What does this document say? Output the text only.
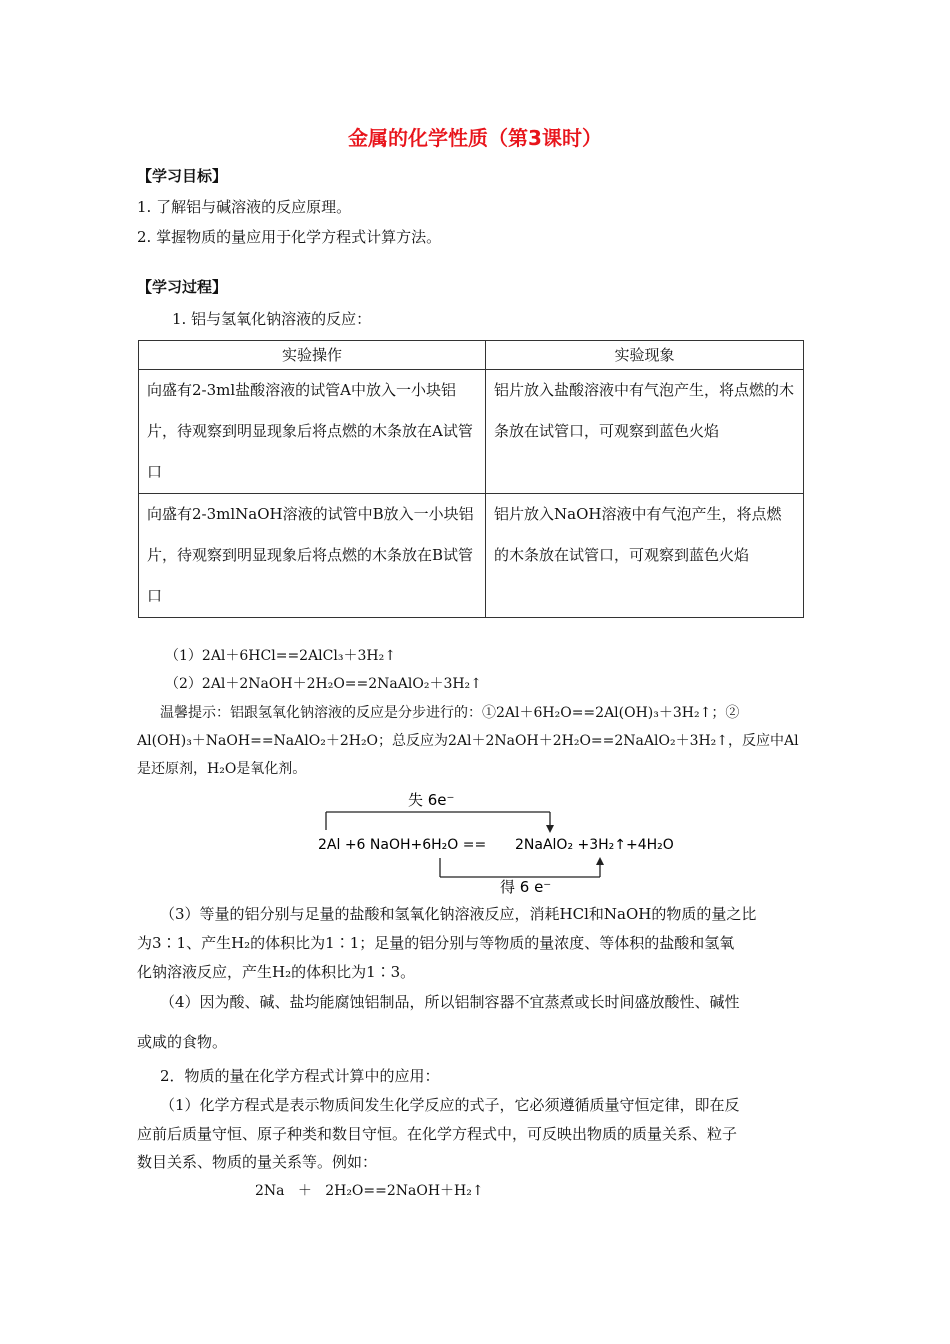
金属的化学性质（第3课时）
【学习目标】
1. 了解铝与碱溶液的反应原理。
2. 掌握物质的量应用于化学方程式计算方法。
【学习过程】
1. 铝与氢氧化钠溶液的反应：
实验操作	实验现象
向盛有2-3ml盐酸溶液的试管A中放入一小块铝片，待观察到明显现象后将点燃的木条放在A试管口	铝片放入盐酸溶液中有气泡产生，将点燃的木条放在试管口，可观察到蓝色火焰
向盛有2-3mlNaOH溶液的试管中B放入一小块铝片，待观察到明显现象后将点燃的木条放在B试管口	铝片放入NaOH溶液中有气泡产生，将点燃的木条放在试管口，可观察到蓝色火焰
（1）2Al＋6HCl==2AlCl₃＋3H₂↑
（2）2Al＋2NaOH＋2H₂O==2NaAlO₂＋3H₂↑
温馨提示：铝跟氢氧化钠溶液的反应是分步进行的：①2Al＋6H₂O==2Al(OH)₃＋3H₂↑；②
Al(OH)₃＋NaOH==NaAlO₂＋2H₂O；总反应为2Al＋2NaOH＋2H₂O==2NaAlO₂＋3H₂↑，反应中Al
是还原剂，H₂O是氧化剂。
失 6e⁻
2Al +6 NaOH+6H₂O == 2NaAlO₂ +3H₂↑+4H₂O
得 6 e⁻
（3）等量的铝分别与足量的盐酸和氢氧化钠溶液反应，消耗HCl和NaOH的物质的量之比
为3∶1、产生H₂的体积比为1∶1；足量的铝分别与等物质的量浓度、等体积的盐酸和氢氧
化钠溶液反应，产生H₂的体积比为1∶3。
（4）因为酸、碱、盐均能腐蚀铝制品，所以铝制容器不宜蒸煮或长时间盛放酸性、碱性
或咸的食物。
2．物质的量在化学方程式计算中的应用：
（1）化学方程式是表示物质间发生化学反应的式子，它必须遵循质量守恒定律，即在反
应前后质量守恒、原子种类和数目守恒。在化学方程式中，可反映出物质的质量关系、粒子
数目关系、物质的量关系等。例如：
2Na   ＋   2H₂O==2NaOH＋H₂↑
